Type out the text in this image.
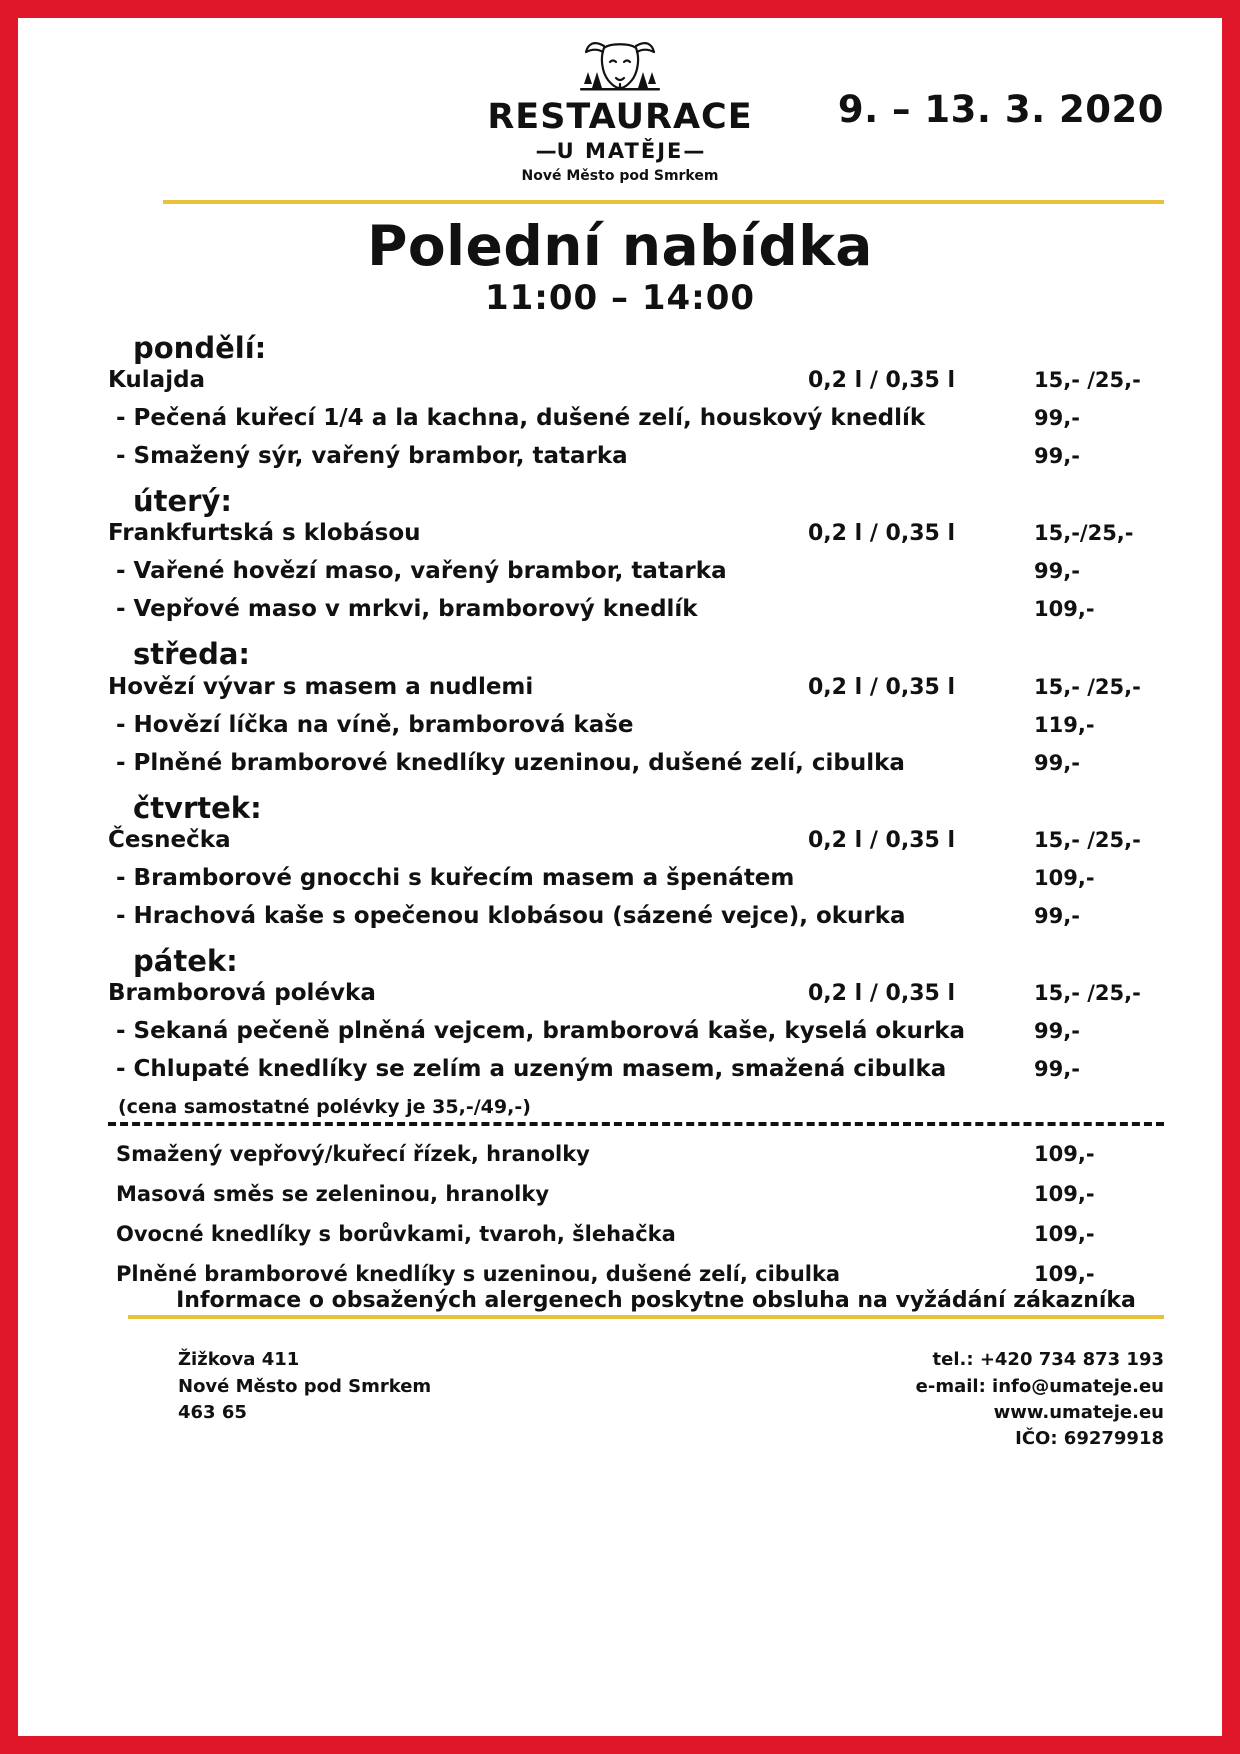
RESTAURACE
—U MATĚJE—
Nové Město pod Smrkem
9. – 13. 3. 2020
Polední nabídka
11:00 – 14:00
pondělí:
Kulajda	0,2 l / 0,35 l	15,- /25,-
- Pečená kuřecí 1/4 a la kachna, dušené zelí, houskový knedlík	99,-
- Smažený sýr, vařený brambor, tatarka	99,-
úterý:
Frankfurtská s klobásou	0,2 l / 0,35 l	15,-/25,-
- Vařené hovězí maso, vařený brambor, tatarka	99,-
- Vepřové maso v mrkvi, bramborový knedlík	109,-
středa:
Hovězí vývar s masem a nudlemi	0,2 l / 0,35 l	15,- /25,-
- Hovězí líčka na víně, bramborová kaše	119,-
- Plněné bramborové knedlíky uzeninou, dušené zelí, cibulka	99,-
čtvrtek:
Česnečka	0,2 l / 0,35 l	15,- /25,-
- Bramborové gnocchi s kuřecím masem a špenátem	109,-
- Hrachová kaše s opečenou klobásou (sázené vejce), okurka	99,-
pátek:
Bramborová polévka	0,2 l / 0,35 l	15,- /25,-
- Sekaná pečeně plněná vejcem, bramborová kaše, kyselá okurka	99,-
- Chlupaté knedlíky se zelím a uzeným masem, smažená cibulka	99,-
(cena samostatné polévky je 35,-/49,-)
Smažený vepřový/kuřecí řízek, hranolky	109,-
Masová směs se zeleninou, hranolky	109,-
Ovocné knedlíky s borůvkami, tvaroh, šlehačka	109,-
Plněné bramborové knedlíky s uzeninou, dušené zelí, cibulka	109,-
Informace o obsažených alergenech poskytne obsluha na vyžádání zákazníka
Žižkova 411
Nové Město pod Smrkem
463 65
tel.: +420 734 873 193
e-mail: info@umateje.eu
www.umateje.eu
IČO: 69279918
